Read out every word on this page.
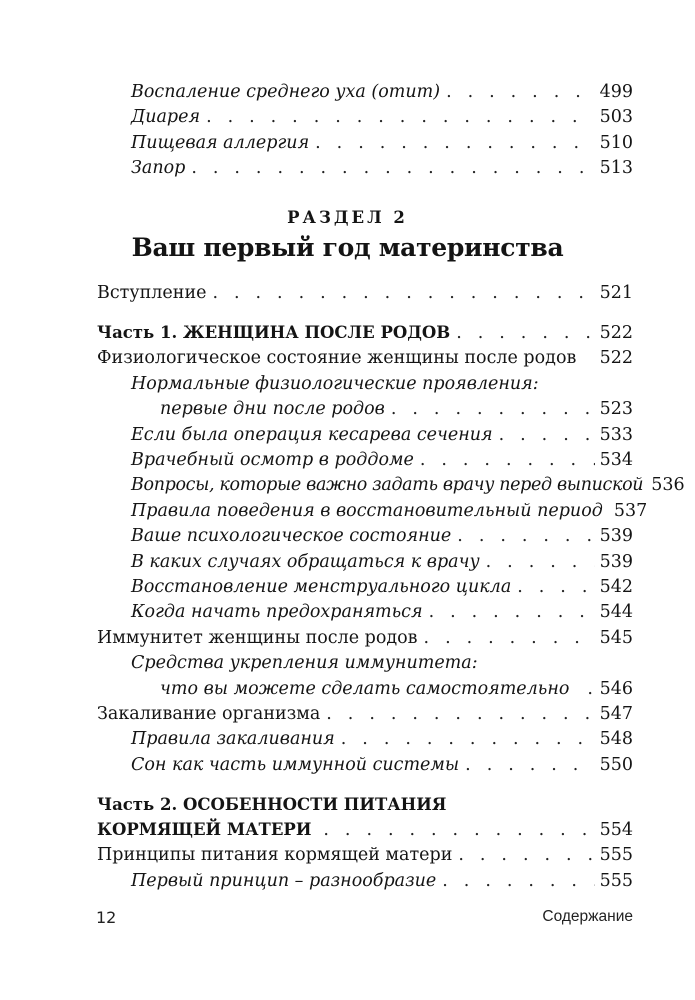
Воспаление среднего уха (отит) . . .	499
Диарея . . .	503
Пищевая аллергия . . .	510
Запор . . .	513
РАЗДЕЛ 2
Ваш первый год материнства
Вступление . . .	521
Часть 1. ЖЕНЩИНА ПОСЛЕ РОДОВ . . .	522
Физиологическое состояние женщины после родов 522
Нормальные физиологические проявления:
первые дни после родов . . .	523
Если была операция кесарева сечения . . .	533
Врачебный осмотр в роддоме . . .	534
Вопросы, которые важно задать врачу перед выпиской 536
Правила поведения в восстановительный период 537
Ваше психологическое состояние . . .	539
В каких случаях обращаться к врачу . . .	539
Восстановление менструального цикла . . .	542
Когда начать предохраняться . . .	544
Иммунитет женщины после родов . . .	545
Средства укрепления иммунитета:
что вы можете сделать самостоятельно . . . 546
Закаливание организма . . .	547
Правила закаливания . . .	548
Сон как часть иммунной системы . . .	550
Часть 2. ОСОБЕННОСТИ ПИТАНИЯ
КОРМЯЩЕЙ МАТЕРИ . . .	554
Принципы питания кормящей матери . . .	555
Первый принцип – разнообразие . . .	555
12	Содержание
